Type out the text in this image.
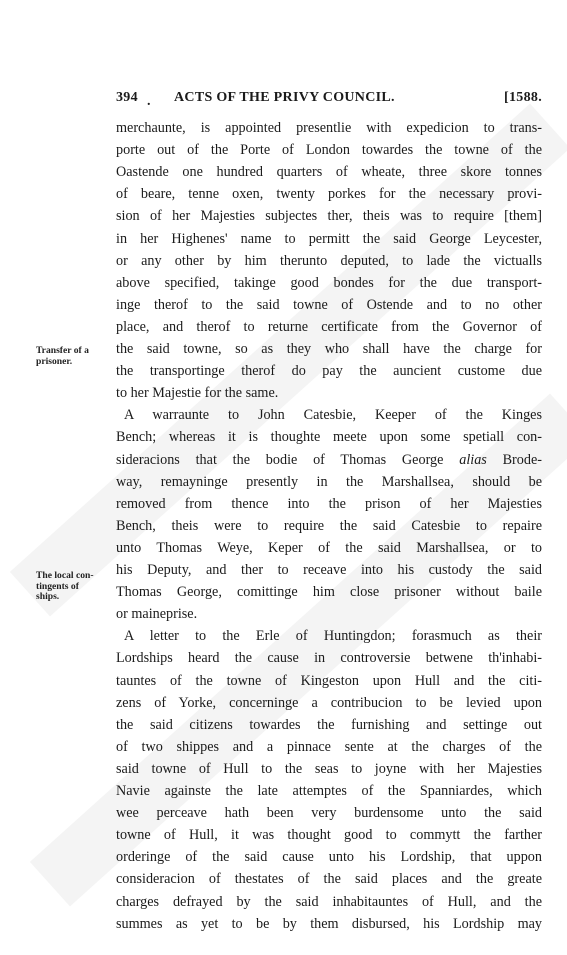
394 . ACTS OF THE PRIVY COUNCIL.	[1588.
Transfer of a
prisoner.
The local con-
tingents of
ships.
merchaunte, is appointed presentlie with expedicion to trans-
porte out of the Porte of London towardes the towne of the
Oastende one hundred quarters of wheate, three skore tonnes
of beare, tenne oxen, twenty porkes for the necessary provi-
sion of her Majesties subjectes ther, theis was to require [them]
in her Highenes' name to permitt the said George Leycester,
or any other by him therunto deputed, to lade the victualls
above specified, takinge good bondes for the due transport-
inge therof to the said towne of Ostende and to no other
place, and therof to returne certificate from the Governor of
the said towne, so as they who shall have the charge for
the transportinge therof do pay the auncient custome due
to her Majestie for the same.
A warraunte to John Catesbie, Keeper of the Kinges
Bench; whereas it is thoughte meete upon some spetiall con-
sideracions that the bodie of Thomas George alias Brode-
way, remayninge presently in the Marshallsea, should be
removed from thence into the prison of her Majesties
Bench, theis were to require the said Catesbie to repaire
unto Thomas Weye, Keper of the said Marshallsea, or to
his Deputy, and ther to receave into his custody the said
Thomas George, comittinge him close prisoner without baile
or maineprise.
A letter to the Erle of Huntingdon; forasmuch as their
Lordships heard the cause in controversie betwene th'inhabi-
tauntes of the towne of Kingeston upon Hull and the citi-
zens of Yorke, concerninge a contribucion to be levied upon
the said citizens towardes the furnishing and settinge out
of two shippes and a pinnace sente at the charges of the
said towne of Hull to the seas to joyne with her Majesties
Navie againste the late attemptes of the Spanniardes, which
wee perceave hath been very burdensome unto the said
towne of Hull, it was thought good to commytt the farther
orderinge of the said cause unto his Lordship, that uppon
consideracion of thestates of the said places and the greate
charges defrayed by the said inhabitauntes of Hull, and the
summes as yet to be by them disbursed, his Lordship may
